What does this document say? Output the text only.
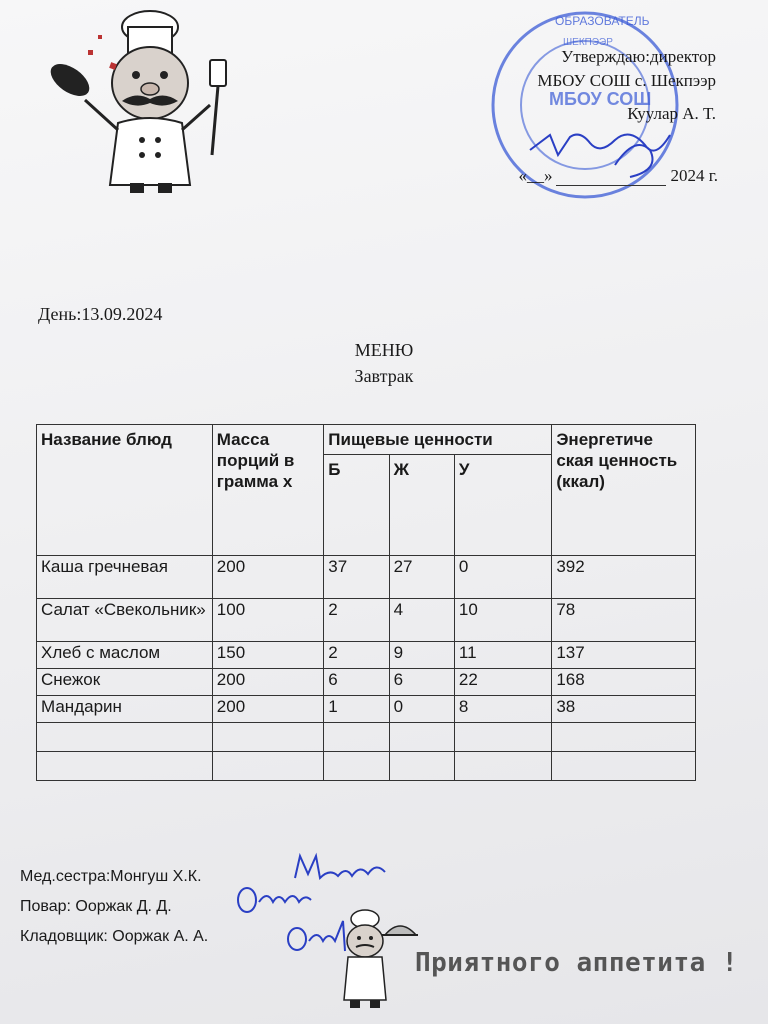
ОБРАЗОВАТЕЛЬ
МБОУ СОШ
ШЕКПЭЭР
Утверждаю:директор
МБОУ СОШ с. Шекпээр
Куулар А. Т.
«__»	2024 г.
День:13.09.2024
МЕНЮ
Завтрак
Название блюд	Масса порций в грамма х	Пищевые ценности			Энергетиче ская ценность (ккал)
		Б	Ж	У	
Каша гречневая	200	37	27	0	392
Салат «Свекольник»	100	2	4	10	78
Хлеб с маслом	150	2	9	11	137
Снежок	200	6	6	22	168
Мандарин	200	1	0	8	38

Мед.сестра:Монгуш Х.К.
Повар: Ооржак Д. Д.
Кладовщик: Ооржак А. А.
Приятного аппетита !
